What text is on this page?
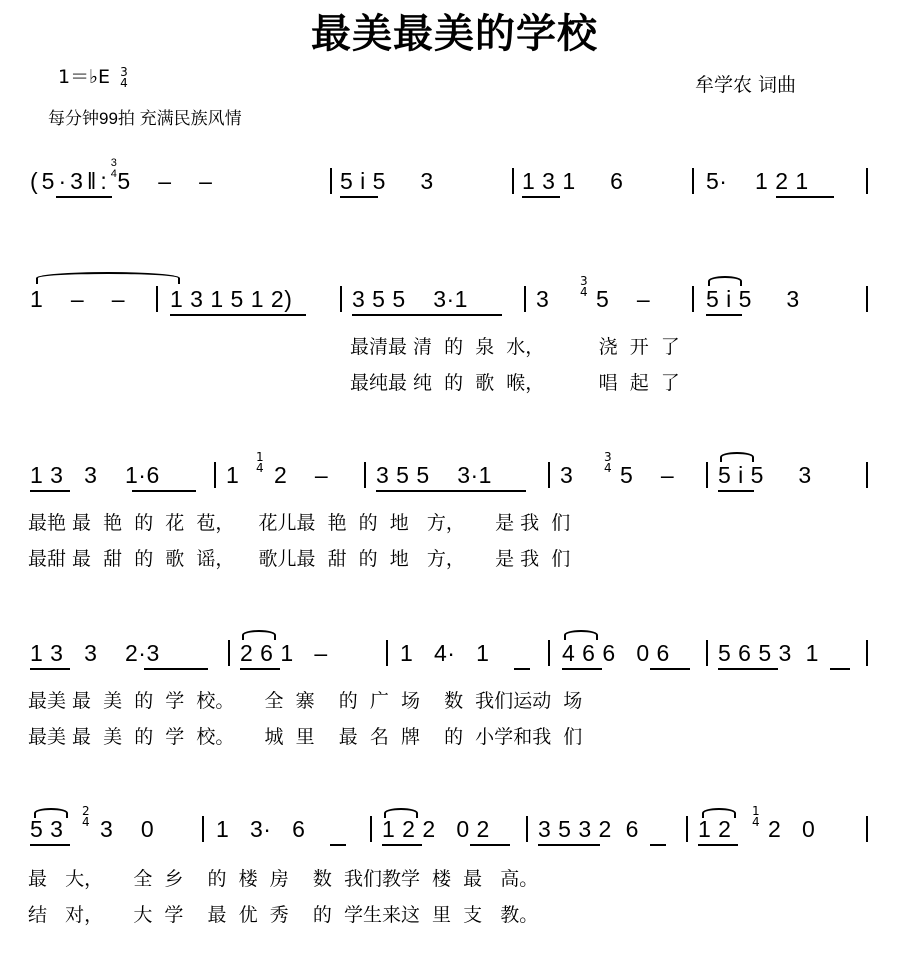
最美最美的学校
1＝♭E 3
4
每分钟99拍 充满民族风情
牟学农 词曲
(5·3‖:3
45    –    –	5 i 5     3	1 3 1     6	5·    1 2 1
1    –    – 1 3 1 5 1 2)	3 5 5    3·1	3
3
4 5    – 5 i 5     3
最清最 清  的  泉  水，         浇  开  了
最纯最 纯  的  歌  喉，         唱  起  了
1 3   3    1·6	1
1
4 2    – 3 5 5    3·1	3
3
4 5    – 5 i 5     3
最艳 最  艳  的  花  苞，    花儿最  艳  的  地   方，     是 我  们
最甜 最  甜  的  歌  谣，    歌儿最  甜  的  地   方，     是 我  们
1 3   3    2·3	2 6 1   –	1   4·   1	4 6 6   0 6 5 6 5 3  1
最美 最  美  的  学  校。     全  寨    的  广  场    数  我们运动  场
最美 最  美  的  学  校。     城  里    最  名  牌    的  小学和我  们
5 3
2
4 3    0	1   3·   6	1 2 2   0 2 3 5 3 2  6	1 2
1
4 2   0
最   大，     全  乡    的  楼  房    数  我们教学  楼  最   高。
结   对，     大  学    最  优  秀    的  学生来这  里  支   教。
